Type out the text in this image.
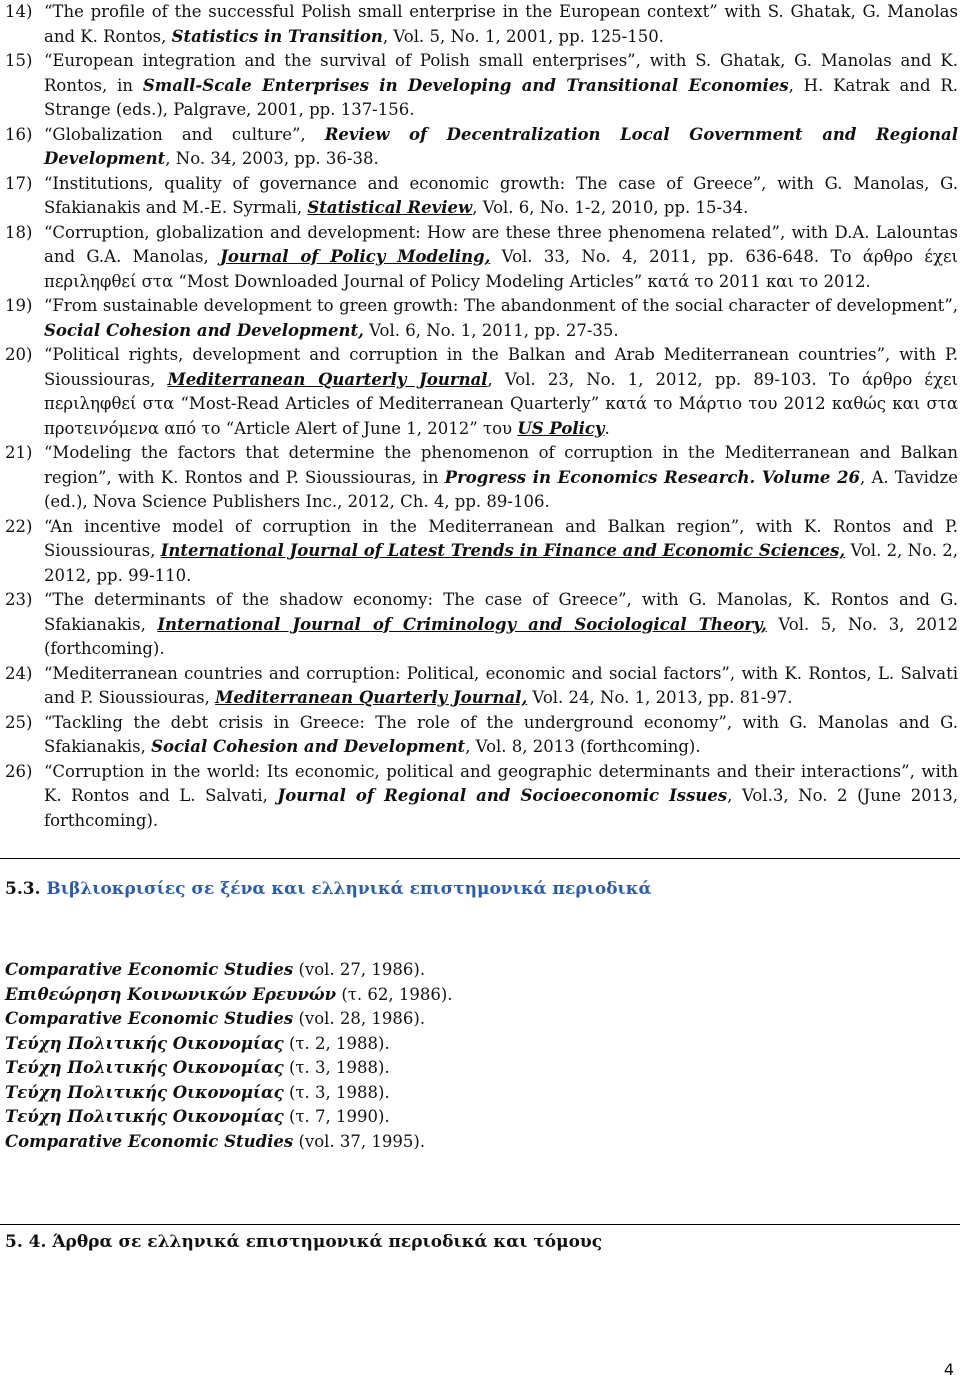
14) “The profile of the successful Polish small enterprise in the European context” with S. Ghatak, G. Manolas and K. Rontos, Statistics in Transition, Vol. 5, No. 1, 2001, pp. 125-150.
15) “European integration and the survival of Polish small enterprises”, with S. Ghatak, G. Manolas and K. Rontos, in Small-Scale Enterprises in Developing and Transitional Economies, H. Katrak and R. Strange (eds.), Palgrave, 2001, pp. 137-156.
16) “Globalization and culture”, Review of Decentralization Local Government and Regional Development, No. 34, 2003, pp. 36-38.
17) “Institutions, quality of governance and economic growth: The case of Greece”, with G. Manolas, G. Sfakianakis and M.-E. Syrmali, Statistical Review, Vol. 6, No. 1-2, 2010, pp. 15-34.
18) “Corruption, globalization and development: How are these three phenomena related”, with D.A. Lalountas and G.A. Manolas, Journal of Policy Modeling, Vol. 33, No. 4, 2011, pp. 636-648. Το άρθρο έχει περιληφθεί στα “Most Downloaded Journal of Policy Modeling Articles” κατά το 2011 και το 2012.
19) “From sustainable development to green growth: The abandonment of the social character of development”, Social Cohesion and Development, Vol. 6, No. 1, 2011, pp. 27-35.
20) “Political rights, development and corruption in the Balkan and Arab Mediterranean countries”, with P. Sioussiouras, Mediterranean Quarterly Journal, Vol. 23, No. 1, 2012, pp. 89-103. Το άρθρο έχει περιληφθεί στα “Most-Read Articles of Mediterranean Quarterly” κατά το Μάρτιο του 2012 καθώς και στα προτεινόμενα από το “Article Alert of June 1, 2012” του US Policy.
21) “Modeling the factors that determine the phenomenon of corruption in the Mediterranean and Balkan region”, with K. Rontos and P. Sioussiouras, in Progress in Economics Research. Volume 26, A. Tavidze (ed.), Nova Science Publishers Inc., 2012, Ch. 4, pp. 89-106.
22) “An incentive model of corruption in the Mediterranean and Balkan region”, with K. Rontos and P. Sioussiouras, International Journal of Latest Trends in Finance and Economic Sciences, Vol. 2, No. 2, 2012, pp. 99-110.
23) “The determinants of the shadow economy: The case of Greece”, with G. Manolas, K. Rontos and G. Sfakianakis, International Journal of Criminology and Sociological Theory, Vol. 5, No. 3, 2012 (forthcoming).
24) “Mediterranean countries and corruption: Political, economic and social factors”, with K. Rontos, L. Salvati and P. Sioussiouras, Mediterranean Quarterly Journal, Vol. 24, No. 1, 2013, pp. 81-97.
25) “Tackling the debt crisis in Greece: The role of the underground economy”, with G. Manolas and G. Sfakianakis, Social Cohesion and Development, Vol. 8, 2013 (forthcoming).
26) “Corruption in the world: Its economic, political and geographic determinants and their interactions”, with K. Rontos and L. Salvati, Journal of Regional and Socioeconomic Issues, Vol.3, No. 2 (June 2013, forthcoming).
5.3. Βιβλιοκρισίες σε ξένα και ελληνικά επιστημονικά περιοδικά
Comparative Economic Studies (vol. 27, 1986).
Επιθεώρηση Κοινωνικών Ερευνών (τ. 62, 1986).
Comparative Economic Studies (vol. 28, 1986).
Τεύχη Πολιτικής Οικονομίας (τ. 2, 1988).
Τεύχη Πολιτικής Οικονομίας (τ. 3, 1988).
Τεύχη Πολιτικής Οικονομίας (τ. 3, 1988).
Τεύχη Πολιτικής Οικονομίας (τ. 7, 1990).
Comparative Economic Studies (vol. 37, 1995).
5. 4. Άρθρα σε ελληνικά επιστημονικά περιοδικά και τόμους
4
